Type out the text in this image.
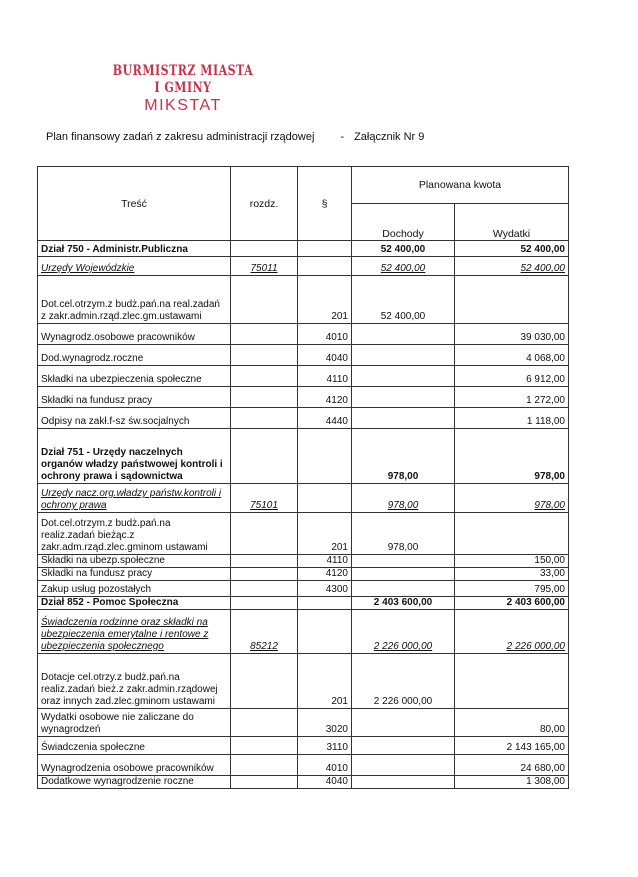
BURMISTRZ MIASTA I GMINY
MIKSTAT
Plan finansowy zadań z zakresu administracji rządowej - Załącznik Nr 9
Treść	rozdz.	§	Planowana kwota	
			Dochody	Wydatki
Dział 750 - Administr.Publiczna			52 400,00	52 400,00
Urzędy Wojewódzkie	75011		52 400,00	52 400,00
Dot.cel.otrzym.z budż.pań.na real.zadań z zakr.admin.rząd.zlec.gm.ustawami		201	52 400,00	
Wynagrodz.osobowe pracowników		4010		39 030,00
Dod.wynagrodz.roczne		4040		4 068,00
Składki na ubezpieczenia społeczne		4110		6 912,00
Składki na fundusz pracy		4120		1 272,00
Odpisy na zakł.f-sz św.socjalnych		4440		1 118,00
Dział 751 - Urzędy naczelnych organów władzy państwowej kontroli i ochrony prawa i sądownictwa			978,00	978,00
Urzędy nacz.org.władzy państw.kontroli i ochrony prawa	75101		978,00	978,00
Dot.cel.otrzym.z budż.pań.na realiz.zadań bieżąc.z zakr.adm.rząd.zlec.gminom ustawami		201	978,00	
Składki na ubezp.społeczne		4110		150,00
Składki na fundusz pracy		4120		33,00
Zakup usług pozostałych		4300		795,00
Dział 852 - Pomoc Społeczna			2 403 600,00	2 403 600,00
Świadczenia rodzinne oraz składki na ubezpieczenia emerytalne i rentowe z ubezpieczenia społecznego	85212		2 226 000,00	2 226 000,00
Dotacje cel.otrzy.z budż.pań.na realiz.zadań bież.z zakr.admin.rządowej oraz innych zad.zlec.gminom ustawami		201	2 226 000,00	
Wydatki osobowe nie zaliczane do wynagrodzeń		3020		80,00
Świadczenia społeczne		3110		2 143 165,00
Wynagrodzenia osobowe pracowników		4010		24 680,00
Dodatkowe wynagrodzenie roczne		4040		1 308,00
